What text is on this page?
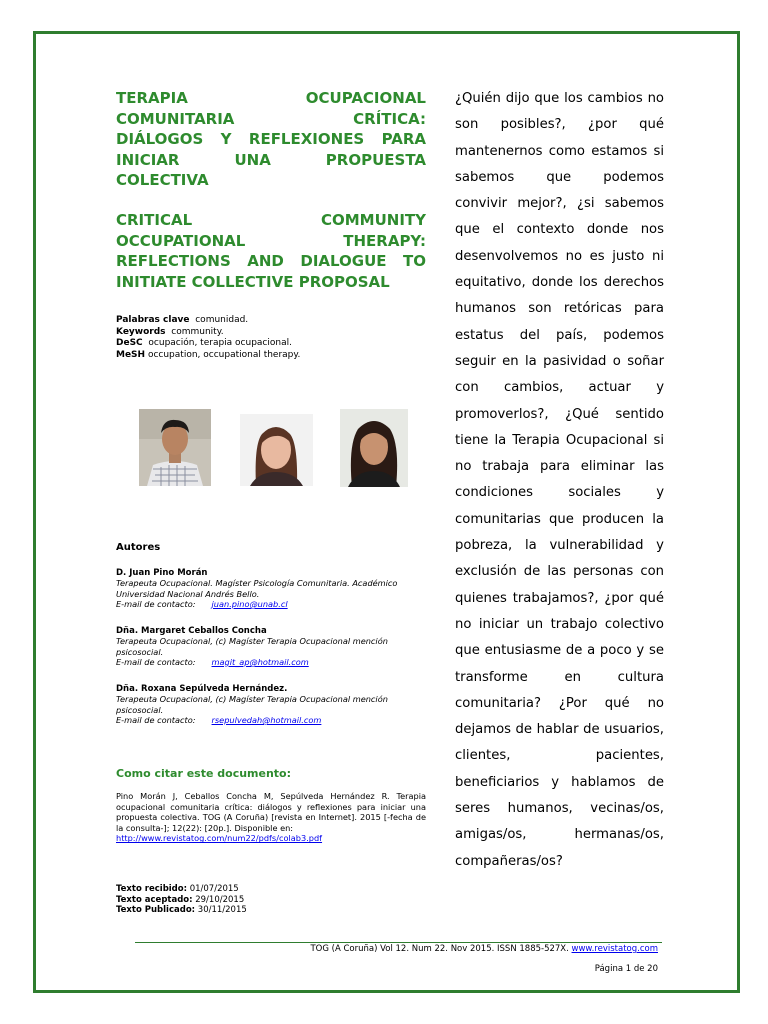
TERAPIA OCUPACIONAL
COMUNITARIA CRÍTICA:
DIÁLOGOS Y REFLEXIONES PARA
INICIAR UNA PROPUESTA
COLECTIVA
CRITICAL COMMUNITY
OCCUPATIONAL THERAPY:
REFLECTIONS AND DIALOGUE TO
INITIATE COLLECTIVE PROPOSAL
Palabras clave comunidad.
Keywords community.
DeSC ocupación, terapia ocupacional.
MeSH occupation, occupational therapy.
Autores
D. Juan Pino Morán
Terapeuta Ocupacional. Magíster Psicología Comunitaria. Académico Universidad Nacional Andrés Bello.
E-mail de contacto: juan.pino@unab.cl
Dña. Margaret Ceballos Concha
Terapeuta Ocupacional, (c) Magíster Terapia Ocupacional mención psicosocial.
E-mail de contacto: magit_ap@hotmail.com
Dña. Roxana Sepúlveda Hernández.
Terapeuta Ocupacional, (c) Magíster Terapia Ocupacional mención psicosocial.
E-mail de contacto: rsepulvedah@hotmail.com
Como citar este documento:
Pino Morán J, Ceballos Concha M, Sepúlveda Hernández R. Terapia ocupacional comunitaria crítica: diálogos y reflexiones para iniciar una propuesta colectiva. TOG (A Coruña) [revista en Internet]. 2015 [-fecha de la consulta-]; 12(22): [20p.]. Disponible en:
http://www.revistatog.com/num22/pdfs/colab3.pdf
Texto recibido: 01/07/2015
Texto aceptado: 29/10/2015
Texto Publicado: 30/11/2015
¿Quién dijo que los cambios no son posibles?, ¿por qué mantenernos como estamos si sabemos que podemos convivir mejor?, ¿si sabemos que el contexto donde nos desenvolvemos no es justo ni equitativo, donde los derechos humanos son retóricas para estatus del país, podemos seguir en la pasividad o soñar con cambios, actuar y promoverlos?, ¿Qué sentido tiene la Terapia Ocupacional si no trabaja para eliminar las condiciones sociales y comunitarias que producen la pobreza, la vulnerabilidad y exclusión de las personas con quienes trabajamos?, ¿por qué no iniciar un trabajo colectivo que entusiasme de a poco y se transforme en cultura comunitaria? ¿Por qué no dejamos de hablar de usuarios, clientes, pacientes, beneficiarios y hablamos de seres humanos, vecinas/os, amigas/os, hermanas/os, compañeras/os?
TOG (A Coruña) Vol 12. Num 22. Nov 2015. ISSN 1885-527X. www.revistatog.com
Página 1 de 20
